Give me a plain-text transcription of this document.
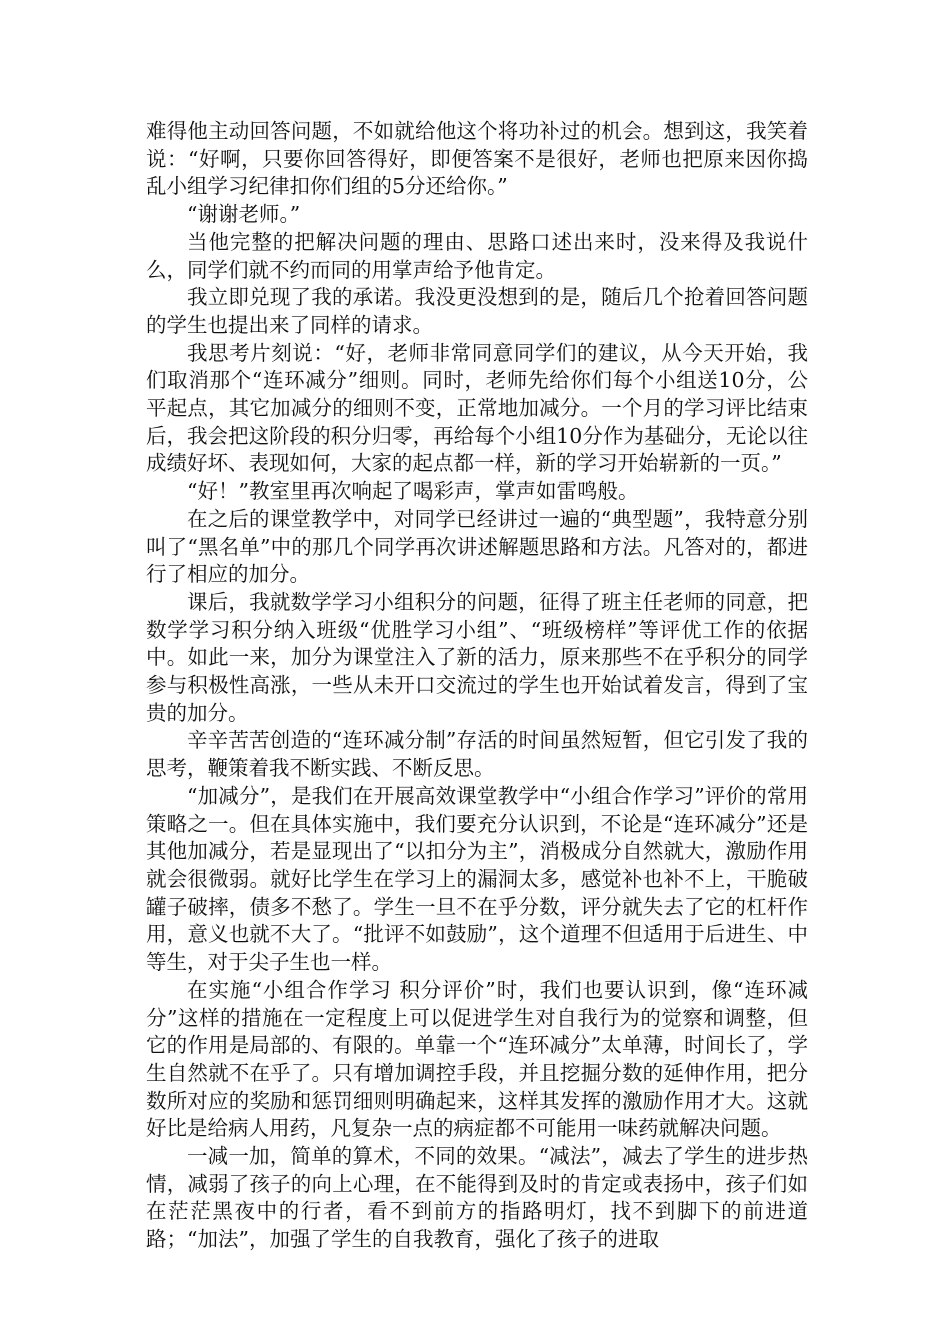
难得他主动回答问题，不如就给他这个将功补过的机会。想到这，我笑着说：“好啊，只要你回答得好，即便答案不是很好，老师也把原来因你捣乱小组学习纪律扣你们组的5分还给你。”

“谢谢老师。”

当他完整的把解决问题的理由、思路口述出来时，没来得及我说什么，同学们就不约而同的用掌声给予他肯定。

我立即兑现了我的承诺。我没更没想到的是，随后几个抢着回答问题的学生也提出来了同样的请求。

我思考片刻说：“好，老师非常同意同学们的建议，从今天开始，我们取消那个“连环减分”细则。同时，老师先给你们每个小组送10分，公平起点，其它加减分的细则不变，正常地加减分。一个月的学习评比结束后，我会把这阶段的积分归零，再给每个小组10分作为基础分，无论以往成绩好坏、表现如何，大家的起点都一样，新的学习开始崭新的一页。”

“好！”教室里再次响起了喝彩声，掌声如雷鸣般。

在之后的课堂教学中，对同学已经讲过一遍的“典型题”，我特意分别叫了“黑名单”中的那几个同学再次讲述解题思路和方法。凡答对的，都进行了相应的加分。

课后，我就数学学习小组积分的问题，征得了班主任老师的同意，把数学学习积分纳入班级“优胜学习小组”、“班级榜样”等评优工作的依据中。如此一来，加分为课堂注入了新的活力，原来那些不在乎积分的同学参与积极性高涨，一些从未开口交流过的学生也开始试着发言，得到了宝贵的加分。

辛辛苦苦创造的“连环减分制”存活的时间虽然短暂，但它引发了我的思考，鞭策着我不断实践、不断反思。

“加减分”，是我们在开展高效课堂教学中“小组合作学习”评价的常用策略之一。但在具体实施中，我们要充分认识到，不论是“连环减分”还是其他加减分，若是显现出了“以扣分为主”，消极成分自然就大，激励作用就会很微弱。就好比学生在学习上的漏洞太多，感觉补也补不上，干脆破罐子破摔，债多不愁了。学生一旦不在乎分数，评分就失去了它的杠杆作用，意义也就不大了。“批评不如鼓励”，这个道理不但适用于后进生、中等生，对于尖子生也一样。

在实施“小组合作学习 积分评价”时，我们也要认识到，像“连环减分”这样的措施在一定程度上可以促进学生对自我行为的觉察和调整，但它的作用是局部的、有限的。单靠一个“连环减分”太单薄，时间长了，学生自然就不在乎了。只有增加调控手段，并且挖掘分数的延伸作用，把分数所对应的奖励和惩罚细则明确起来，这样其发挥的激励作用才大。这就好比是给病人用药，凡复杂一点的病症都不可能用一味药就解决问题。

一减一加，简单的算术，不同的效果。“减法”，减去了学生的进步热情，减弱了孩子的向上心理，在不能得到及时的肯定或表扬中，孩子们如在茫茫黑夜中的行者，看不到前方的指路明灯，找不到脚下的前进道路；“加法”，加强了学生的自我教育，强化了孩子的进取
